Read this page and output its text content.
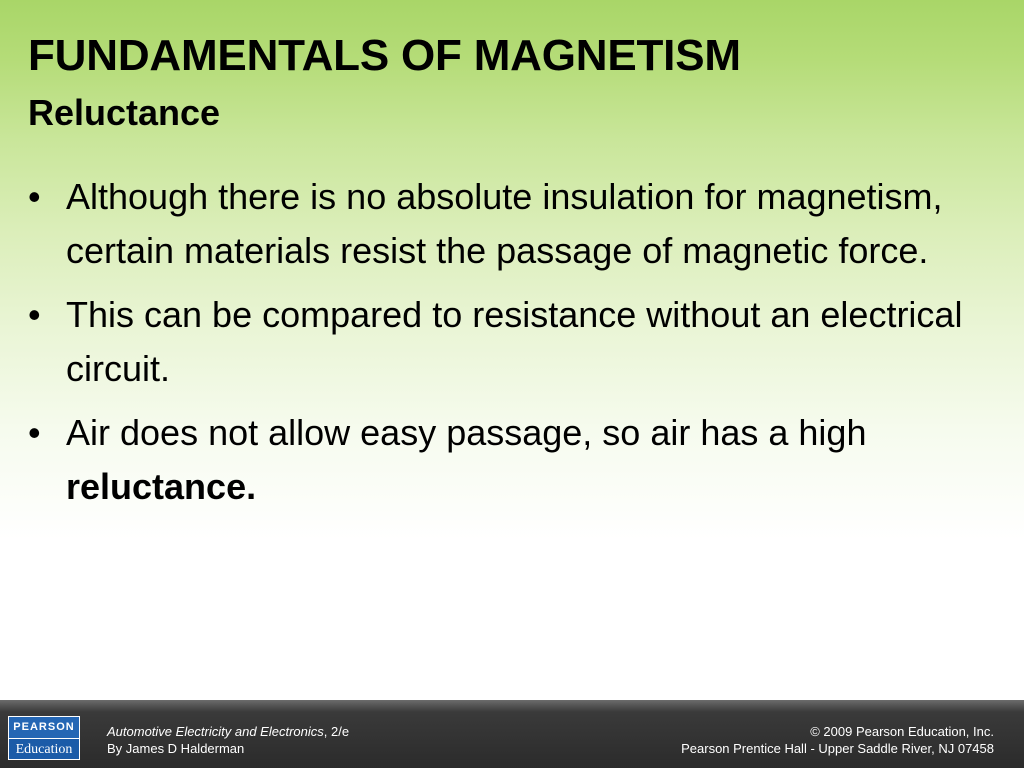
FUNDAMENTALS OF MAGNETISM
Reluctance
• Although there is no absolute insulation for magnetism, certain materials resist the passage of magnetic force.
• This can be compared to resistance without an electrical circuit.
• Air does not allow easy passage, so air has a high reluctance.
PEARSON
Education
Automotive Electricity and Electronics, 2/e
By James D Halderman
© 2009 Pearson Education, Inc.
Pearson Prentice Hall - Upper Saddle River, NJ 07458
